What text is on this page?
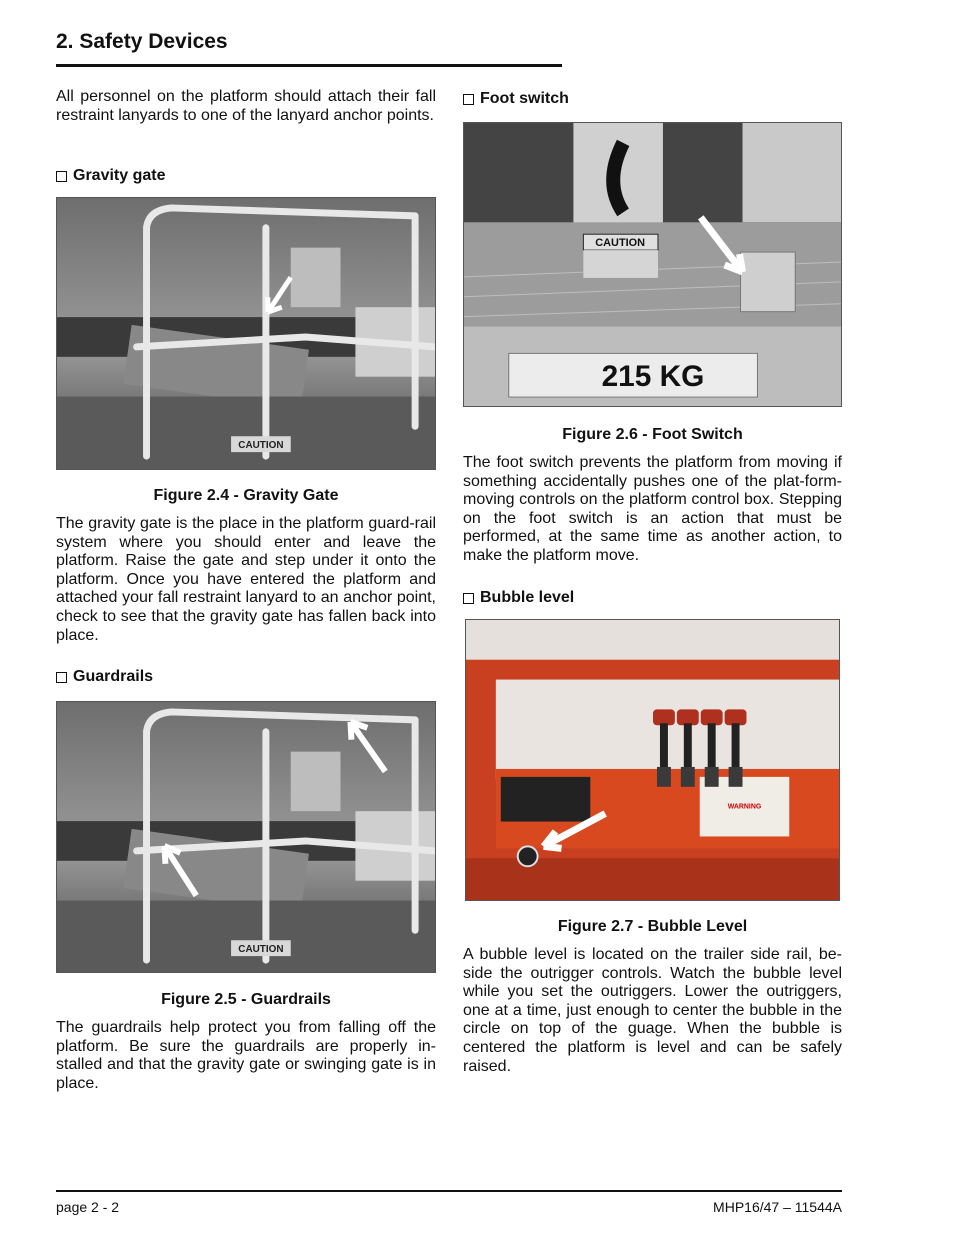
2. Safety Devices

All personnel on the platform should attach their fall restraint lanyards to one of the lanyard anchor points.

Gravity gate
CAUTION

Figure 2.4 - Gravity Gate

The gravity gate is the place in the platform guard-rail system where you should enter and leave the platform. Raise the gate and step under it onto the platform. Once you have entered the platform and attached your fall restraint lanyard to an anchor point, check to see that the gravity gate has fallen back into place.

Guardrails
CAUTION

Figure 2.5 - Guardrails

The guardrails help protect you from falling off the platform. Be sure the guardrails are properly in-stalled and that the gravity gate or swinging gate is in place.

Foot switch
CAUTION
215 KG

Figure 2.6 - Foot Switch

The foot switch prevents the platform from moving if something accidentally pushes one of the plat-form-moving controls on the platform control box. Stepping on the foot switch is an action that must be performed, at the same time as another action, to make the platform move.

Bubble level
WARNING

Figure 2.7 - Bubble Level

A bubble level is located on the trailer side rail, be-side the outrigger controls. Watch the bubble level while you set the outriggers. Lower the outriggers, one at a time, just enough to center the bubble in the circle on top of the guage. When the bubble is centered the platform is level and can be safely raised.

page 2 - 2	MHP16/47 – 11544A
